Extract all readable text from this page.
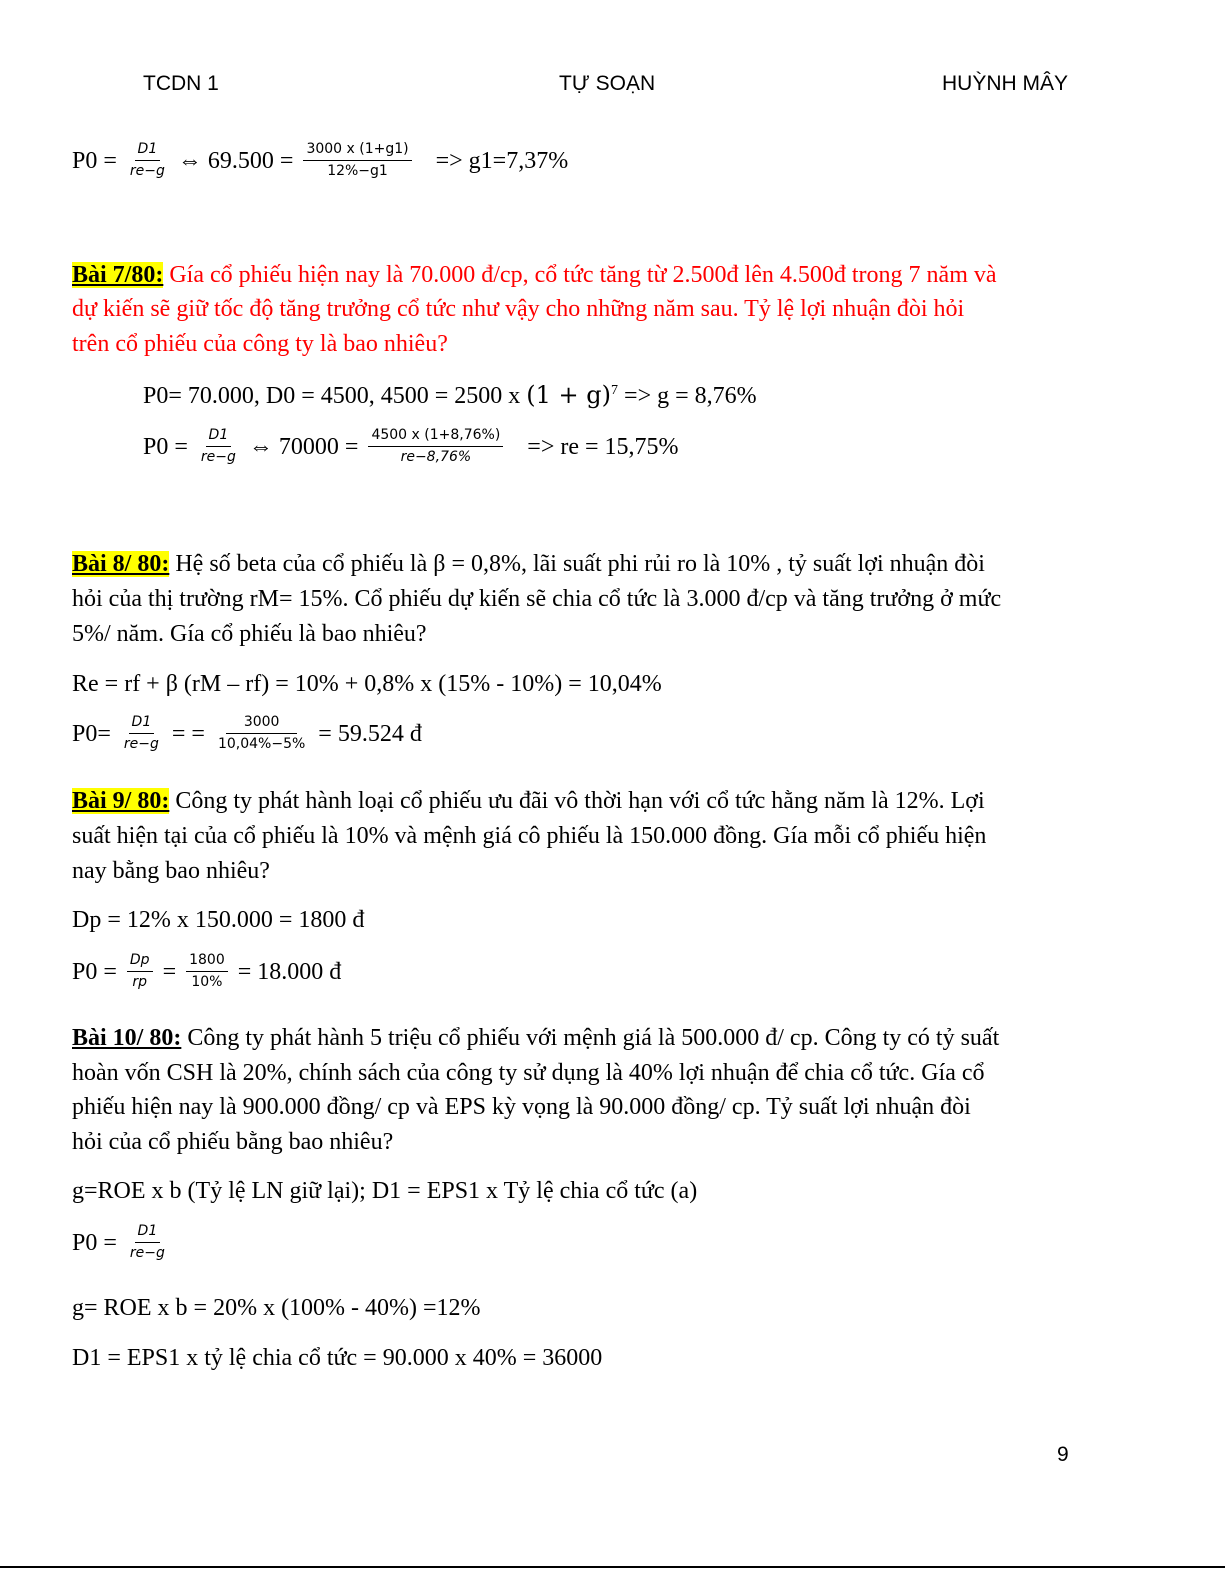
TCDN 1	TỰ SOẠN	HUỲNH MÂY
$P0 = \frac{D1}{re-g}$ ⇔ $69.500 = \frac{3000 x (1+g1)}{12\%-g1} => g1=7,37\%$
Bài 7/80: Gía cổ phiếu hiện nay là 70.000 đ/cp, cổ tức tăng từ 2.500đ lên 4.500đ trong 7 năm và
dự kiến sẽ giữ tốc độ tăng trưởng cổ tức như vậy cho những năm sau. Tỷ lệ lợi nhuận đòi hỏi
trên cổ phiếu của công ty là bao nhiêu?
P0= 70.000, D0 = 4500, 4500 = 2500 x $(1 + g)^7 => g = 8,76\%$
$P0 = \frac{D1}{re-g}$ ⇔ $70000 = \frac{4500 x (1+8,76\%)}{re-8,76\%}$ => re = 15,75%
Bài 8/ 80: Hệ số beta của cổ phiếu là β = 0,8%, lãi suất phi rủi ro là 10% , tỷ suất lợi nhuận đòi
hỏi của thị trường rM= 15%. Cổ phiếu dự kiến sẽ chia cổ tức là 3.000 đ/cp và tăng trưởng ở mức
5%/ năm. Gía cổ phiếu là bao nhiêu?
Re = rf + β (rM – rf) = 10% + 0,8% x (15% - 10%) = 10,04%
$P0= \frac{D1}{re-g}$ = = $\frac{3000}{10,04\%-5\%} = 59.524$ đ
Bài 9/ 80: Công ty phát hành loại cổ phiếu ưu đãi vô thời hạn với cổ tức hằng năm là 12%. Lợi
suất hiện tại của cổ phiếu là 10% và mệnh giá cô phiếu là 150.000 đồng. Gía mỗi cổ phiếu hiện
nay bằng bao nhiêu?
Dp = 12% x 150.000 = 1800 đ
$P0 = \frac{Dp}{rp} = \frac{1800}{10\%} = 18.000$ đ
Bài 10/ 80: Công ty phát hành 5 triệu cổ phiếu với mệnh giá là 500.000 đ/ cp. Công ty có tỷ suất
hoàn vốn CSH là 20%, chính sách của công ty sử dụng là 40% lợi nhuận để chia cổ tức. Gía cổ
phiếu hiện nay là 900.000 đồng/ cp và EPS kỳ vọng là 90.000 đồng/ cp. Tỷ suất lợi nhuận đòi
hỏi của cổ phiếu bằng bao nhiêu?
g=ROE x b (Tỷ lệ LN giữ lại); D1 = EPS1 x Tỷ lệ chia cổ tức (a)
$P0 = \frac{D1}{re-g}$
g= ROE x b = 20% x (100% - 40%) =12%
D1 = EPS1 x tỷ lệ chia cổ tức = 90.000 x 40% = 36000
9
